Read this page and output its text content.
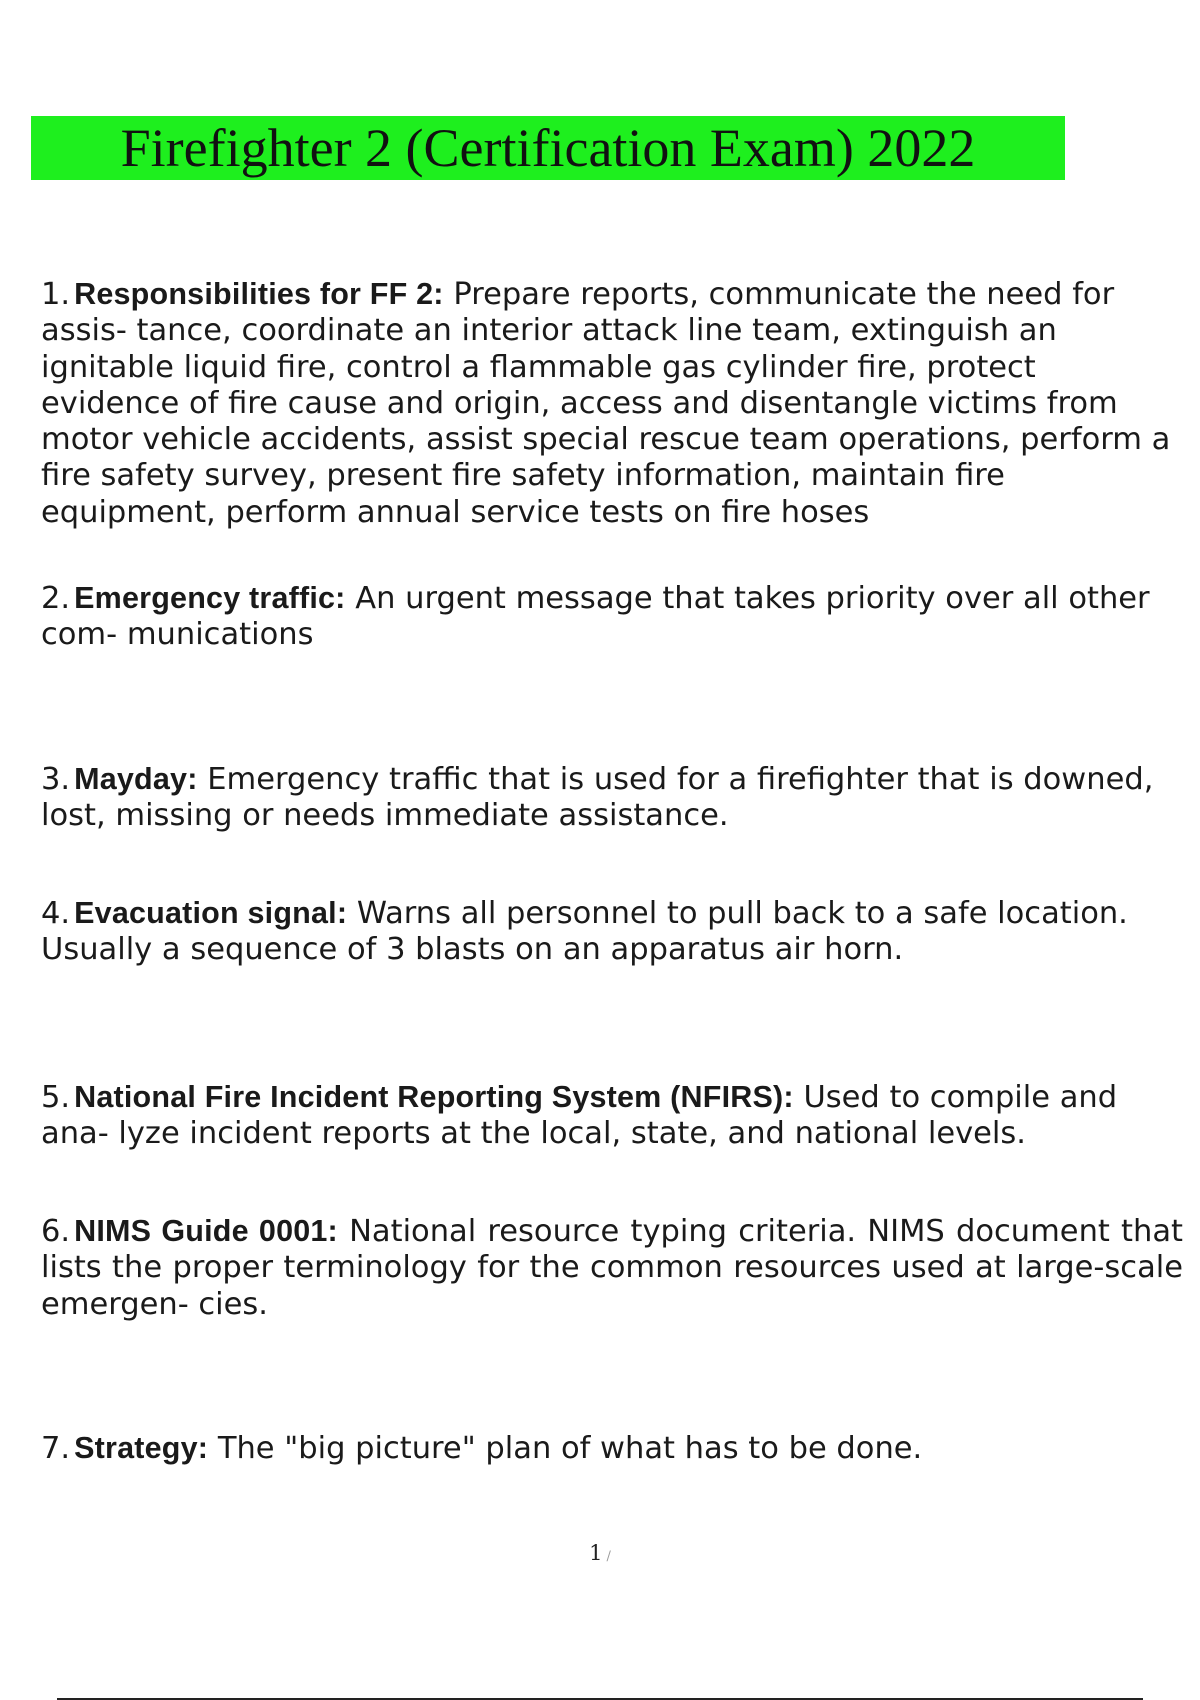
Firefighter 2 (Certification Exam) 2022

1. Responsibilities for FF 2: Prepare reports, communicate the need for assis- tance, coordinate an interior attack line team, extinguish an ignitable liquid fire, control a flammable gas cylinder fire, protect evidence of fire cause and origin, access and disentangle victims from motor vehicle accidents, assist special rescue team operations, perform a fire safety survey, present fire safety information, maintain fire equipment, perform annual service tests on fire hoses

2. Emergency traffic: An urgent message that takes priority over all other com- munications

3. Mayday: Emergency traffic that is used for a firefighter that is downed, lost, missing or needs immediate assistance.

4. Evacuation signal: Warns all personnel to pull back to a safe location. Usually a sequence of 3 blasts on an apparatus air horn.

5. National Fire Incident Reporting System (NFIRS): Used to compile and ana- lyze incident reports at the local, state, and national levels.

6. NIMS Guide 0001: National resource typing criteria. NIMS document that lists the proper terminology for the common resources used at large-scale emergen- cies.

7. Strategy: The "big picture" plan of what has to be done.

1 /
